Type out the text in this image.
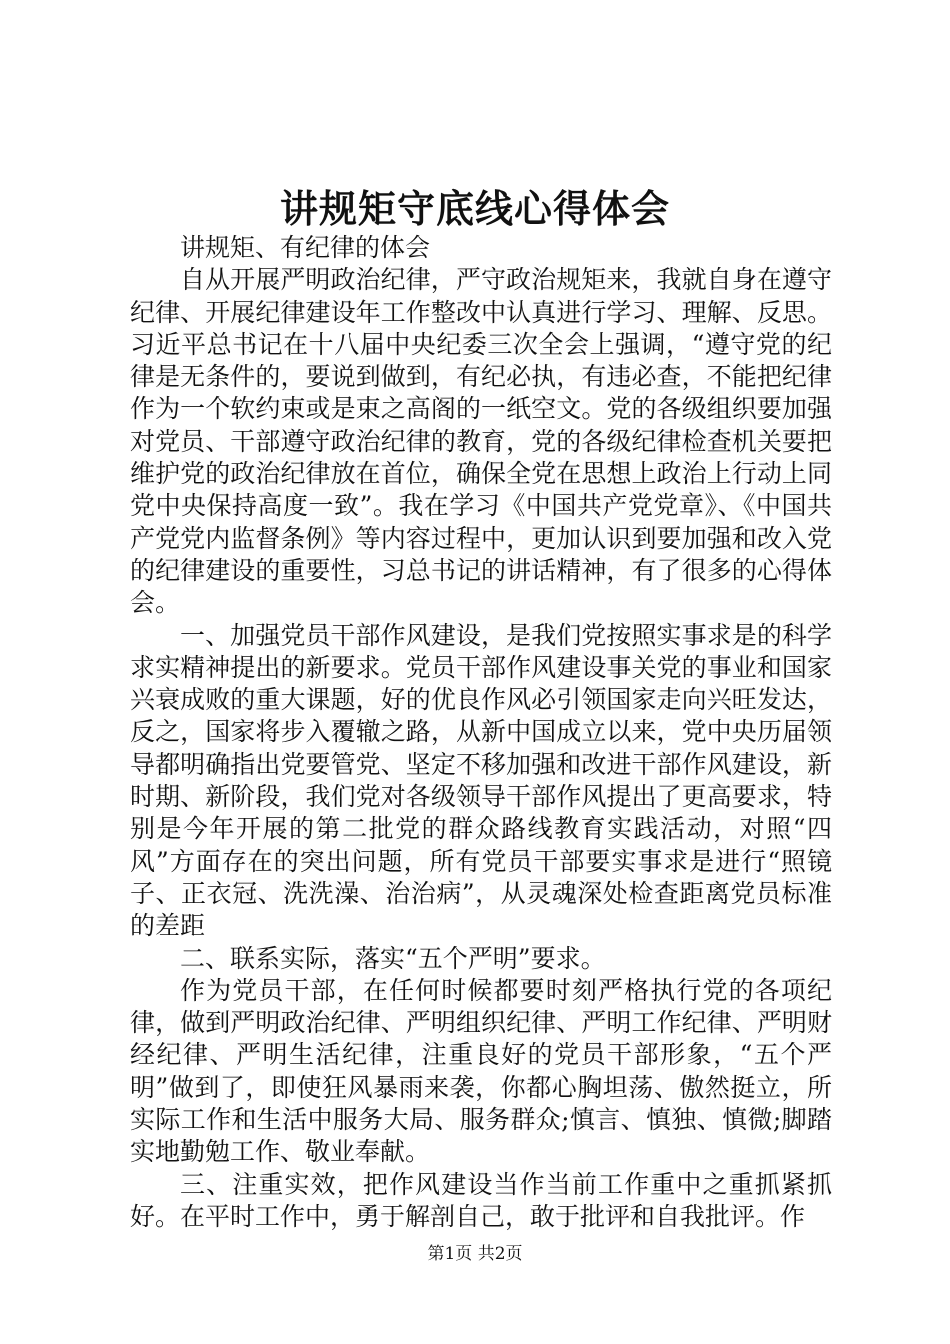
讲规矩守底线心得体会

讲规矩、有纪律的体会

自从开展严明政治纪律，严守政治规矩来，我就自身在遵守纪律、开展纪律建设年工作整改中认真进行学习、理解、反思。习近平总书记在十八届中央纪委三次全会上强调，“遵守党的纪律是无条件的，要说到做到，有纪必执，有违必查，不能把纪律作为一个软约束或是束之高阁的一纸空文。党的各级组织要加强对党员、干部遵守政治纪律的教育，党的各级纪律检查机关要把维护党的政治纪律放在首位，确保全党在思想上政治上行动上同党中央保持高度一致”。我在学习《中国共产党党章》、《中国共产党党内监督条例》等内容过程中，更加认识到要加强和改入党的纪律建设的重要性，习总书记的讲话精神，有了很多的心得体会。

一、加强党员干部作风建设，是我们党按照实事求是的科学求实精神提出的新要求。党员干部作风建设事关党的事业和国家兴衰成败的重大课题，好的优良作风必引领国家走向兴旺发达，反之，国家将步入覆辙之路，从新中国成立以来，党中央历届领导都明确指出党要管党、坚定不移加强和改进干部作风建设，新时期、新阶段，我们党对各级领导干部作风提出了更高要求，特别是今年开展的第二批党的群众路线教育实践活动，对照“四风”方面存在的突出问题，所有党员干部要实事求是进行“照镜子、正衣冠、洗洗澡、治治病”，从灵魂深处检查距离党员标准的差距

二、联系实际，落实“五个严明”要求。

作为党员干部，在任何时候都要时刻严格执行党的各项纪律，做到严明政治纪律、严明组织纪律、严明工作纪律、严明财经纪律、严明生活纪律，注重良好的党员干部形象，“五个严明”做到了，即使狂风暴雨来袭，你都心胸坦荡、傲然挺立，所实际工作和生活中服务大局、服务群众;慎言、慎独、慎微;脚踏实地勤勉工作、敬业奉献。

三、注重实效，把作风建设当作当前工作重中之重抓紧抓好。在平时工作中，勇于解剖自己，敢于批评和自我批评。作

第1页 共2页
